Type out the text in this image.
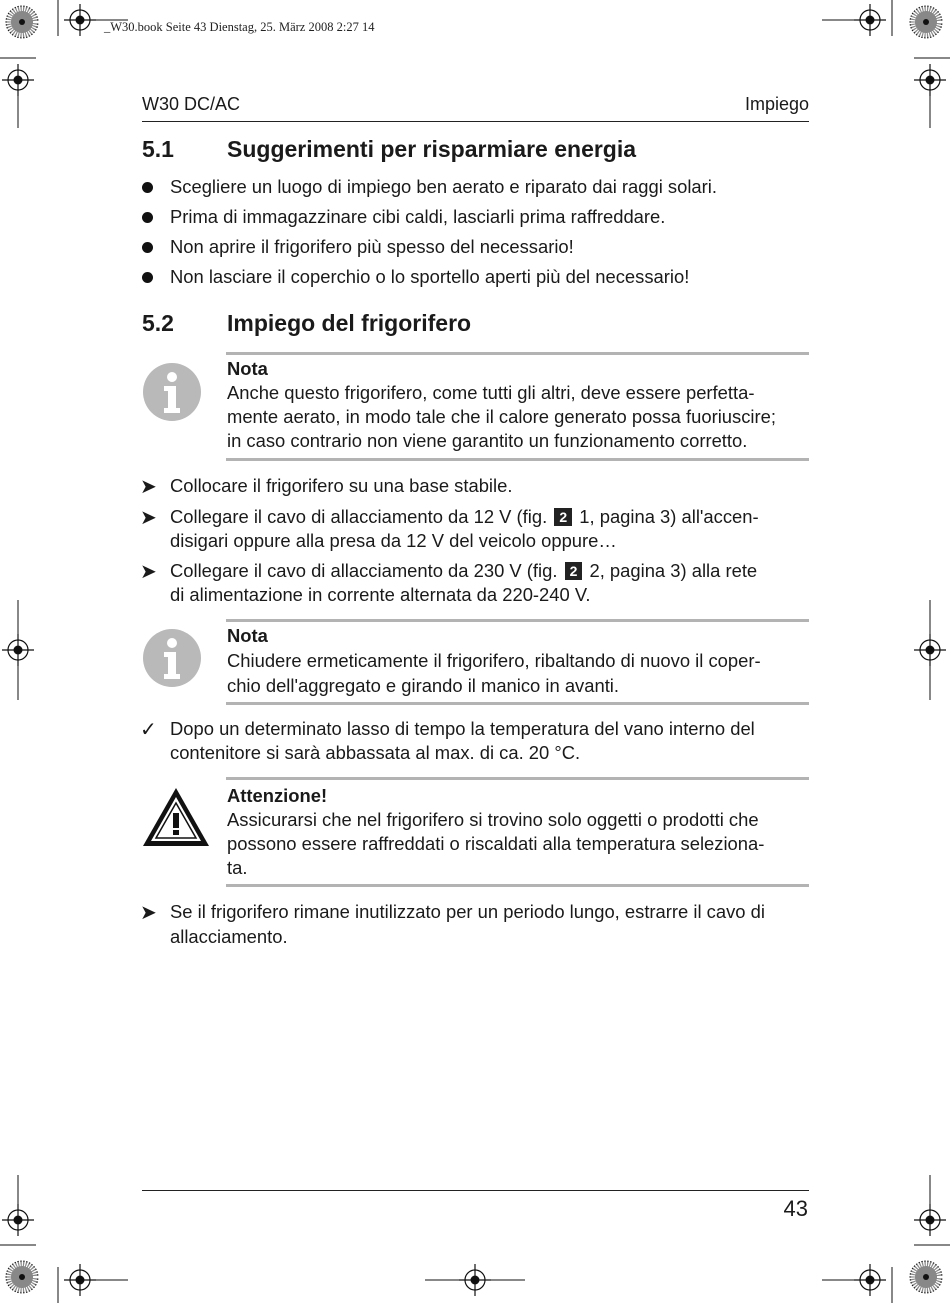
_W30.book Seite 43 Dienstag, 25. März 2008 2:27 14
W30 DC/AC	Impiego
5.1 Suggerimenti per risparmiare energia
Scegliere un luogo di impiego ben aerato e riparato dai raggi solari.
Prima di immagazzinare cibi caldi, lasciarli prima raffreddare.
Non aprire il frigorifero più spesso del necessario!
Non lasciare il coperchio o lo sportello aperti più del necessario!
5.2 Impiego del frigorifero
Nota
Anche questo frigorifero, come tutti gli altri, deve essere perfetta-
mente aerato, in modo tale che il calore generato possa fuoriuscire;
in caso contrario non viene garantito un funzionamento corretto.
➤ Collocare il frigorifero su una base stabile.
➤ Collegare il cavo di allacciamento da 12 V (fig. 2 1, pagina 3) all'accen-
disigari oppure alla presa da 12 V del veicolo oppure…
➤ Collegare il cavo di allacciamento da 230 V (fig. 2 2, pagina 3) alla rete
di alimentazione in corrente alternata da 220-240 V.
Nota
Chiudere ermeticamente il frigorifero, ribaltando di nuovo il coper-
chio dell'aggregato e girando il manico in avanti.
✓ Dopo un determinato lasso di tempo la temperatura del vano interno del
contenitore si sarà abbassata al max. di ca. 20 °C.
Attenzione!
Assicurarsi che nel frigorifero si trovino solo oggetti o prodotti che
possono essere raffreddati o riscaldati alla temperatura seleziona-
ta.
➤ Se il frigorifero rimane inutilizzato per un periodo lungo, estrarre il cavo di
allacciamento.
43
